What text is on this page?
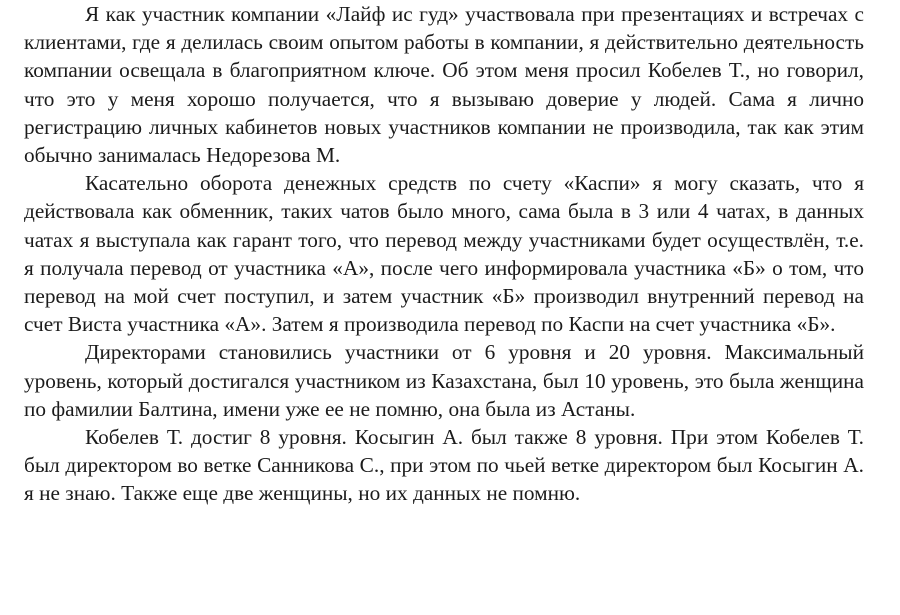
Я как участник компании «Лайф ис гуд» участвовала при презентациях и встречах с клиентами, где я делилась своим опытом работы в компании, я действительно деятельность компании освещала в благоприятном ключе. Об этом меня просил Кобелев Т., но говорил, что это у меня хорошо получается, что я вызываю доверие у людей. Сама я лично регистрацию личных кабинетов новых участников компании не производила, так как этим обычно занималась Недорезова М.

Касательно оборота денежных средств по счету «Каспи» я могу сказать, что я действовала как обменник, таких чатов было много, сама была в 3 или 4 чатах, в данных чатах я выступала как гарант того, что перевод между участниками будет осуществлён, т.е. я получала перевод от участника «А», после чего информировала участника «Б» о том, что перевод на мой счет поступил, и затем участник «Б» производил внутренний перевод на счет Виста участника «А». Затем я производила перевод по Каспи на счет участника «Б».

Директорами становились участники от 6 уровня и 20 уровня. Максимальный уровень, который достигался участником из Казахстана, был 10 уровень, это была женщина по фамилии Балтина, имени уже ее не помню, она была из Астаны.

Кобелев Т. достиг 8 уровня. Косыгин А. был также 8 уровня. При этом Кобелев Т. был директором во ветке Санникова С., при этом по чьей ветке директором был Косыгин А. я не знаю. Также еще две женщины, но их данных не помню.
